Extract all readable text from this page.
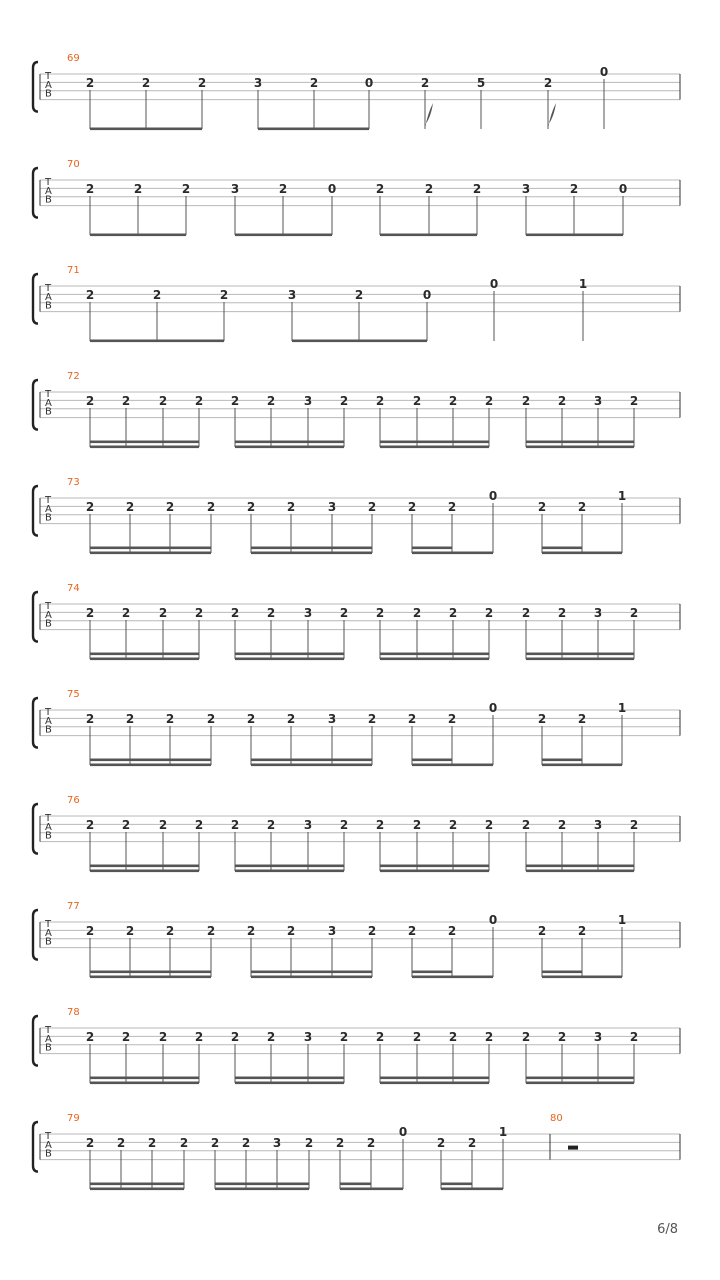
69
T
A
B
2	2	2	3	2	0	2	5	2
0
70
T
A
B
2	2	2	3	2	0	2	2	2	3	2	0
71
T
A
B
2	2	2	3	2	0
0	1
72
T
A
B
2 2 2 2 2 2 3 2 2 2 2 2 2 2 3 2
73
T
A
B
2	2	2	2	2	2	3	2	2	2
0
2	2
1
74
T
A
B
2 2 2 2 2 2 3 2 2 2 2 2 2 2 3 2
75
T
A
B
2	2	2	2	2	2	3	2	2	2
0
2	2
1
76
T
A
B
2 2 2 2 2 2 3 2 2 2 2 2 2 2 3 2
77
T
A
B
2	2	2	2	2	2	3	2	2	2
0
2	2
1
78
T
A
B
2 2 2 2 2 2 3 2 2 2 2 2 2 2 3 2
79
T
A
B
2 2 2 2 2 2 3 2 2 2
0
2 2
1
80
6/8
